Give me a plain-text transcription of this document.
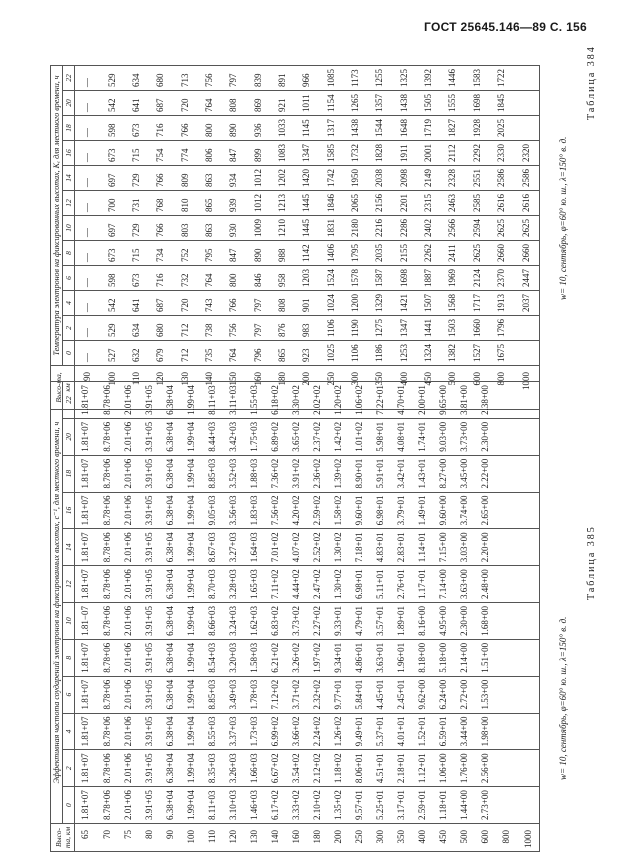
ГОСТ 25645.146—89 С. 156
Таблица 384
w= 10, сентябрь, φ=60° ю. ш., λ=150° в. д.
Высо-та, км	Температура электронов на фиксированных высотах, Kₑ для местного времени, ч											
	0	2	4	6	8	10	12	14	16	18	20	22
90	—	—	—	—	—	—	—	—	—	—	—	—
100	527	529	542	598	673	697	700	697	673	598	542	529
110	632	634	641	673	715	729	731	729	715	673	641	634
120	679	680	687	716	734	766	768	766	754	716	687	680
130	712	712	720	732	752	803	810	809	774	766	720	713
140	735	738	743	764	795	863	865	863	806	800	764	756
150	764	756	766	800	847	930	939	934	847	890	808	797
160	796	797	797	846	890	1009	1012	1012	899	936	869	839
180	865	876	808	958	988	1210	1213	1202	1083	1033	921	891
200	923	983	901	1203	1142	1445	1445	1420	1347	1145	1011	966
250	1025	1106	1024	1524	1406	1831	1846	1742	1585	1317	1154	1085
300	1106	1190	1200	1578	1795	2180	2065	1950	1732	1438	1265	1173
350	1186	1275	1329	1587	2035	2216	2156	2038	1828	1544	1357	1255
400	1253	1347	1421	1698	2155	2286	2201	2098	1911	1648	1438	1325
450	1324	1441	1507	1887	2262	2402	2315	2149	2001	1719	1505	1392
500	1382	1503	1568	1969	2411	2566	2463	2328	2112	1827	1555	1446
600	1527	1660	1717	2124	2625	2594	2585	2551	2292	1928	1698	1583
800	1675	1796	1913	2370	2660	2625	2616	2586	2330	2025	1845	1722
1000			2037	2447	2660	2625	2616	2586	2320			
Таблица 385
w= 10, сентябрь, φ=60° ю. ш., λ=150° в. д.
Высо-та, км	Эффективная частота соударений электронов на фиксированных высотах, с⁻¹, для местного времени, ч											
	0	2	4	6	8	10	12	14	16	18	20	22
65	1.81+07	1.81+07	1.81+07	1.81+07	1.81+07	1.81−07	1.81+07	1.81+07	1.81+07	1.81+07	1.81+07	1.81+07
70	8.78+06	8.78+06	8.78+06	8.78+06	8.78+06	8.78+06	8.78+06	8.78+06	8.78+06	8.78+06	8.78+06	8.78+06
75	2.01+06	2.01+06	2.01+06	2.01+06	2.01+06	2.01+06	2.01+06	2.01+06	2.01+06	2.01+06	2.01+06	2.01+06
80	3.91+05	3.91+05	3.91+05	3.91+05	3.91+05	3.91+05	3.91+05	3.91+05	3.91+05	3.91+05	3.91+05	3.91+05
90	6.38+04	6.38+04	6.38+04	6.38+04	6.38+04	6.38+04	6.38+04	6.38+04	6.38+04	6.38+04	6.38+04	6.38+04
100	1.99+04	1.99+04	1.99+04	1.99+04	1.99+04	1.99+04	1.99+04	1.99+04	1.99+04	1.99+04	1.99+04	1.99+04
110	8.11+03	8.35+03	8.55+03	8.85+03	8.54+03	8.66+03	8.70+03	8.67+03	9.05+03	8.85+03	8.44+03	8.11+03
120	3.10+03	3.26+03	3.37+03	3.49+03	3.20+03	3.24+03	3.28+03	3.27+03	3.56+03	3.52+03	3.42+03	3.11+03
130	1.46+03	1.66+03	1.73+03	1.78+03	1.58+03	1.62+03	1.65+03	1.64+03	1.83+03	1.88+03	1.75+03	1.55+03
140	6.17+02	6.67+02	6.99+02	7.12+02	6.21+02	6.83+02	7.11+02	7.01+02	7.56+02	7.36+02	6.89+02	6.18+02
160	3.33+02	3.54+02	3.66+02	3.71+02	3.26+02	3.73+02	4.44+02	4.07+02	4.20+02	3.91+02	3.65+02	3.30+02
180	2.10+02	2.12+02	2.24+02	2.32+02	1.97+02	2.27+02	2.47+02	2.52+02	2.59+02	2.36+02	2.37+02	2.02+02
200	1.35+02	1.18+02	1.26+02	9.77+01	9.34+01	9.33+01	1.30+02	1.30+02	1.58+02	1.39+02	1.42+02	1.20+02
250	9.57+01	8.06+01	9.49+01	5.84+01	4.86+01	4.79+01	6.98+01	7.18+01	9.60+01	8.90+01	1.01+02	1.06+02
300	5.25+01	4.51+01	5.37+01	4.45+01	3.63+01	3.57+01	5.11+01	4.83+01	6.98+01	5.91+01	5.98+01	7.22+01
350	3.17+01	2.18+01	4.01+01	2.45+01	1.96+01	1.89+01	2.76+01	2.83+01	3.79+01	3.42+01	4.08+01	4.70+01
400	2.59+01	1.12+01	1.52+01	9.62+00	8.18+00	8.16+00	1.17+01	1.14+01	1.49+01	1.43+01	1.74+01	2.00+01
450	1.18+01	1.06+00	6.59+01	6.24+00	5.18+00	4.95+00	7.14+00	7.15+00	9.60+00	8.27+00	9.03+00	9.65+00
500	1.44+00	1.76+00	3.44+00	2.72+00	2.14+00	2.30+00	3.63+00	3.03+00	3.74+00	3.45+00	3.73+00	3.81+00
600	2.73+00	2.56+00	1.98+00	1.53+00	1.51+00	1.68+00	2.48+00	2.20+00	2.65+00	2.22+00	2.30+00	2.38+00
800												
1000												
